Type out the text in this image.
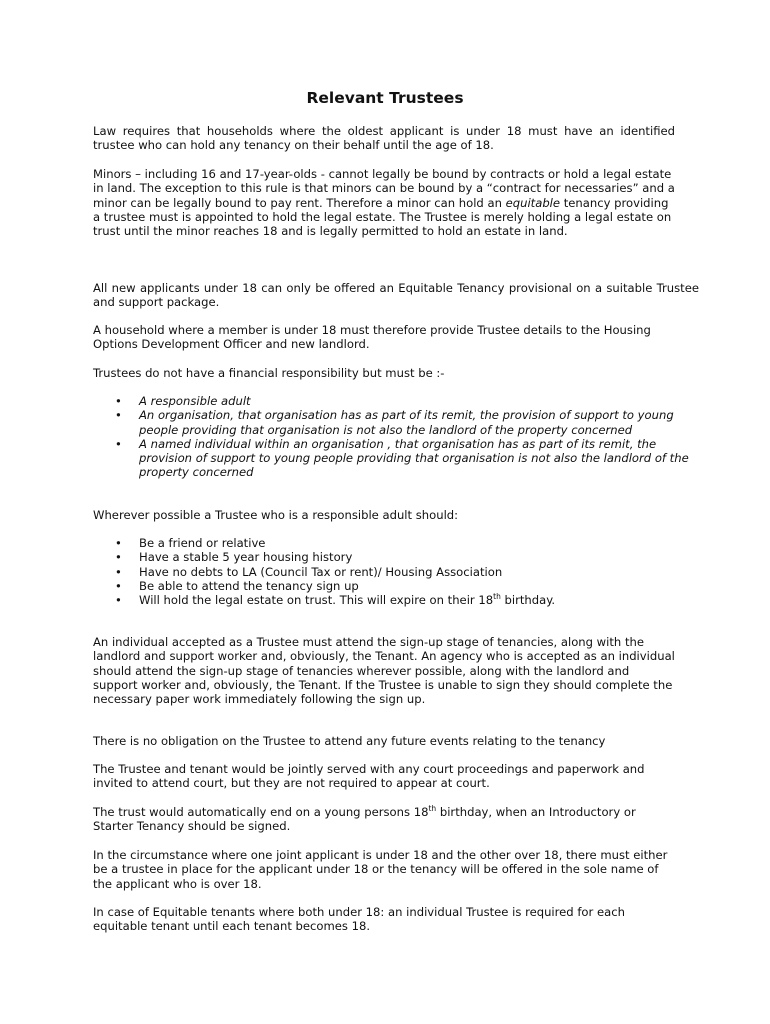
Relevant Trustees

Law requires that households where the oldest applicant is under 18 must have an identified trustee who can hold any tenancy on their behalf until the age of 18.

Minors – including 16 and 17-year-olds - cannot legally be bound by contracts or hold a legal estate in land. The exception to this rule is that minors can be bound by a “contract for necessaries” and a minor can be legally bound to pay rent. Therefore a minor can hold an equitable tenancy providing a trustee must is appointed to hold the legal estate. The Trustee is merely holding a legal estate on trust until the minor reaches 18 and is legally permitted to hold an estate in land.

All new applicants under 18 can only be offered an Equitable Tenancy provisional on a suitable Trustee and support package.

A household where a member is under 18 must therefore provide Trustee details to the Housing Options Development Officer and new landlord.

Trustees do not have a financial responsibility but must be :-

• A responsible adult
• An organisation, that organisation has as part of its remit, the provision of support to young people providing that organisation is not also the landlord of the property concerned
• A named individual within an organisation , that organisation has as part of its remit, the provision of support to young people providing that organisation is not also the landlord of the property concerned

Wherever possible a Trustee who is a responsible adult should:

• Be a friend or relative
• Have a stable 5 year housing history
• Have no debts to LA (Council Tax or rent)/ Housing Association
• Be able to attend the tenancy sign up
• Will hold the legal estate on trust. This will expire on their 18th birthday.

An individual accepted as a Trustee must attend the sign-up stage of tenancies, along with the landlord and support worker and, obviously, the Tenant. An agency who is accepted as an individual should attend the sign-up stage of tenancies wherever possible, along with the landlord and support worker and, obviously, the Tenant. If the Trustee is unable to sign they should complete the necessary paper work immediately following the sign up.

There is no obligation on the Trustee to attend any future events relating to the tenancy

The Trustee and tenant would be jointly served with any court proceedings and paperwork and invited to attend court, but they are not required to appear at court.

The trust would automatically end on a young persons 18th birthday, when an Introductory or Starter Tenancy should be signed.

In the circumstance where one joint applicant is under 18 and the other over 18, there must either be a trustee in place for the applicant under 18 or the tenancy will be offered in the sole name of the applicant who is over 18.

In case of Equitable tenants where both under 18: an individual Trustee is required for each equitable tenant until each tenant becomes 18.
